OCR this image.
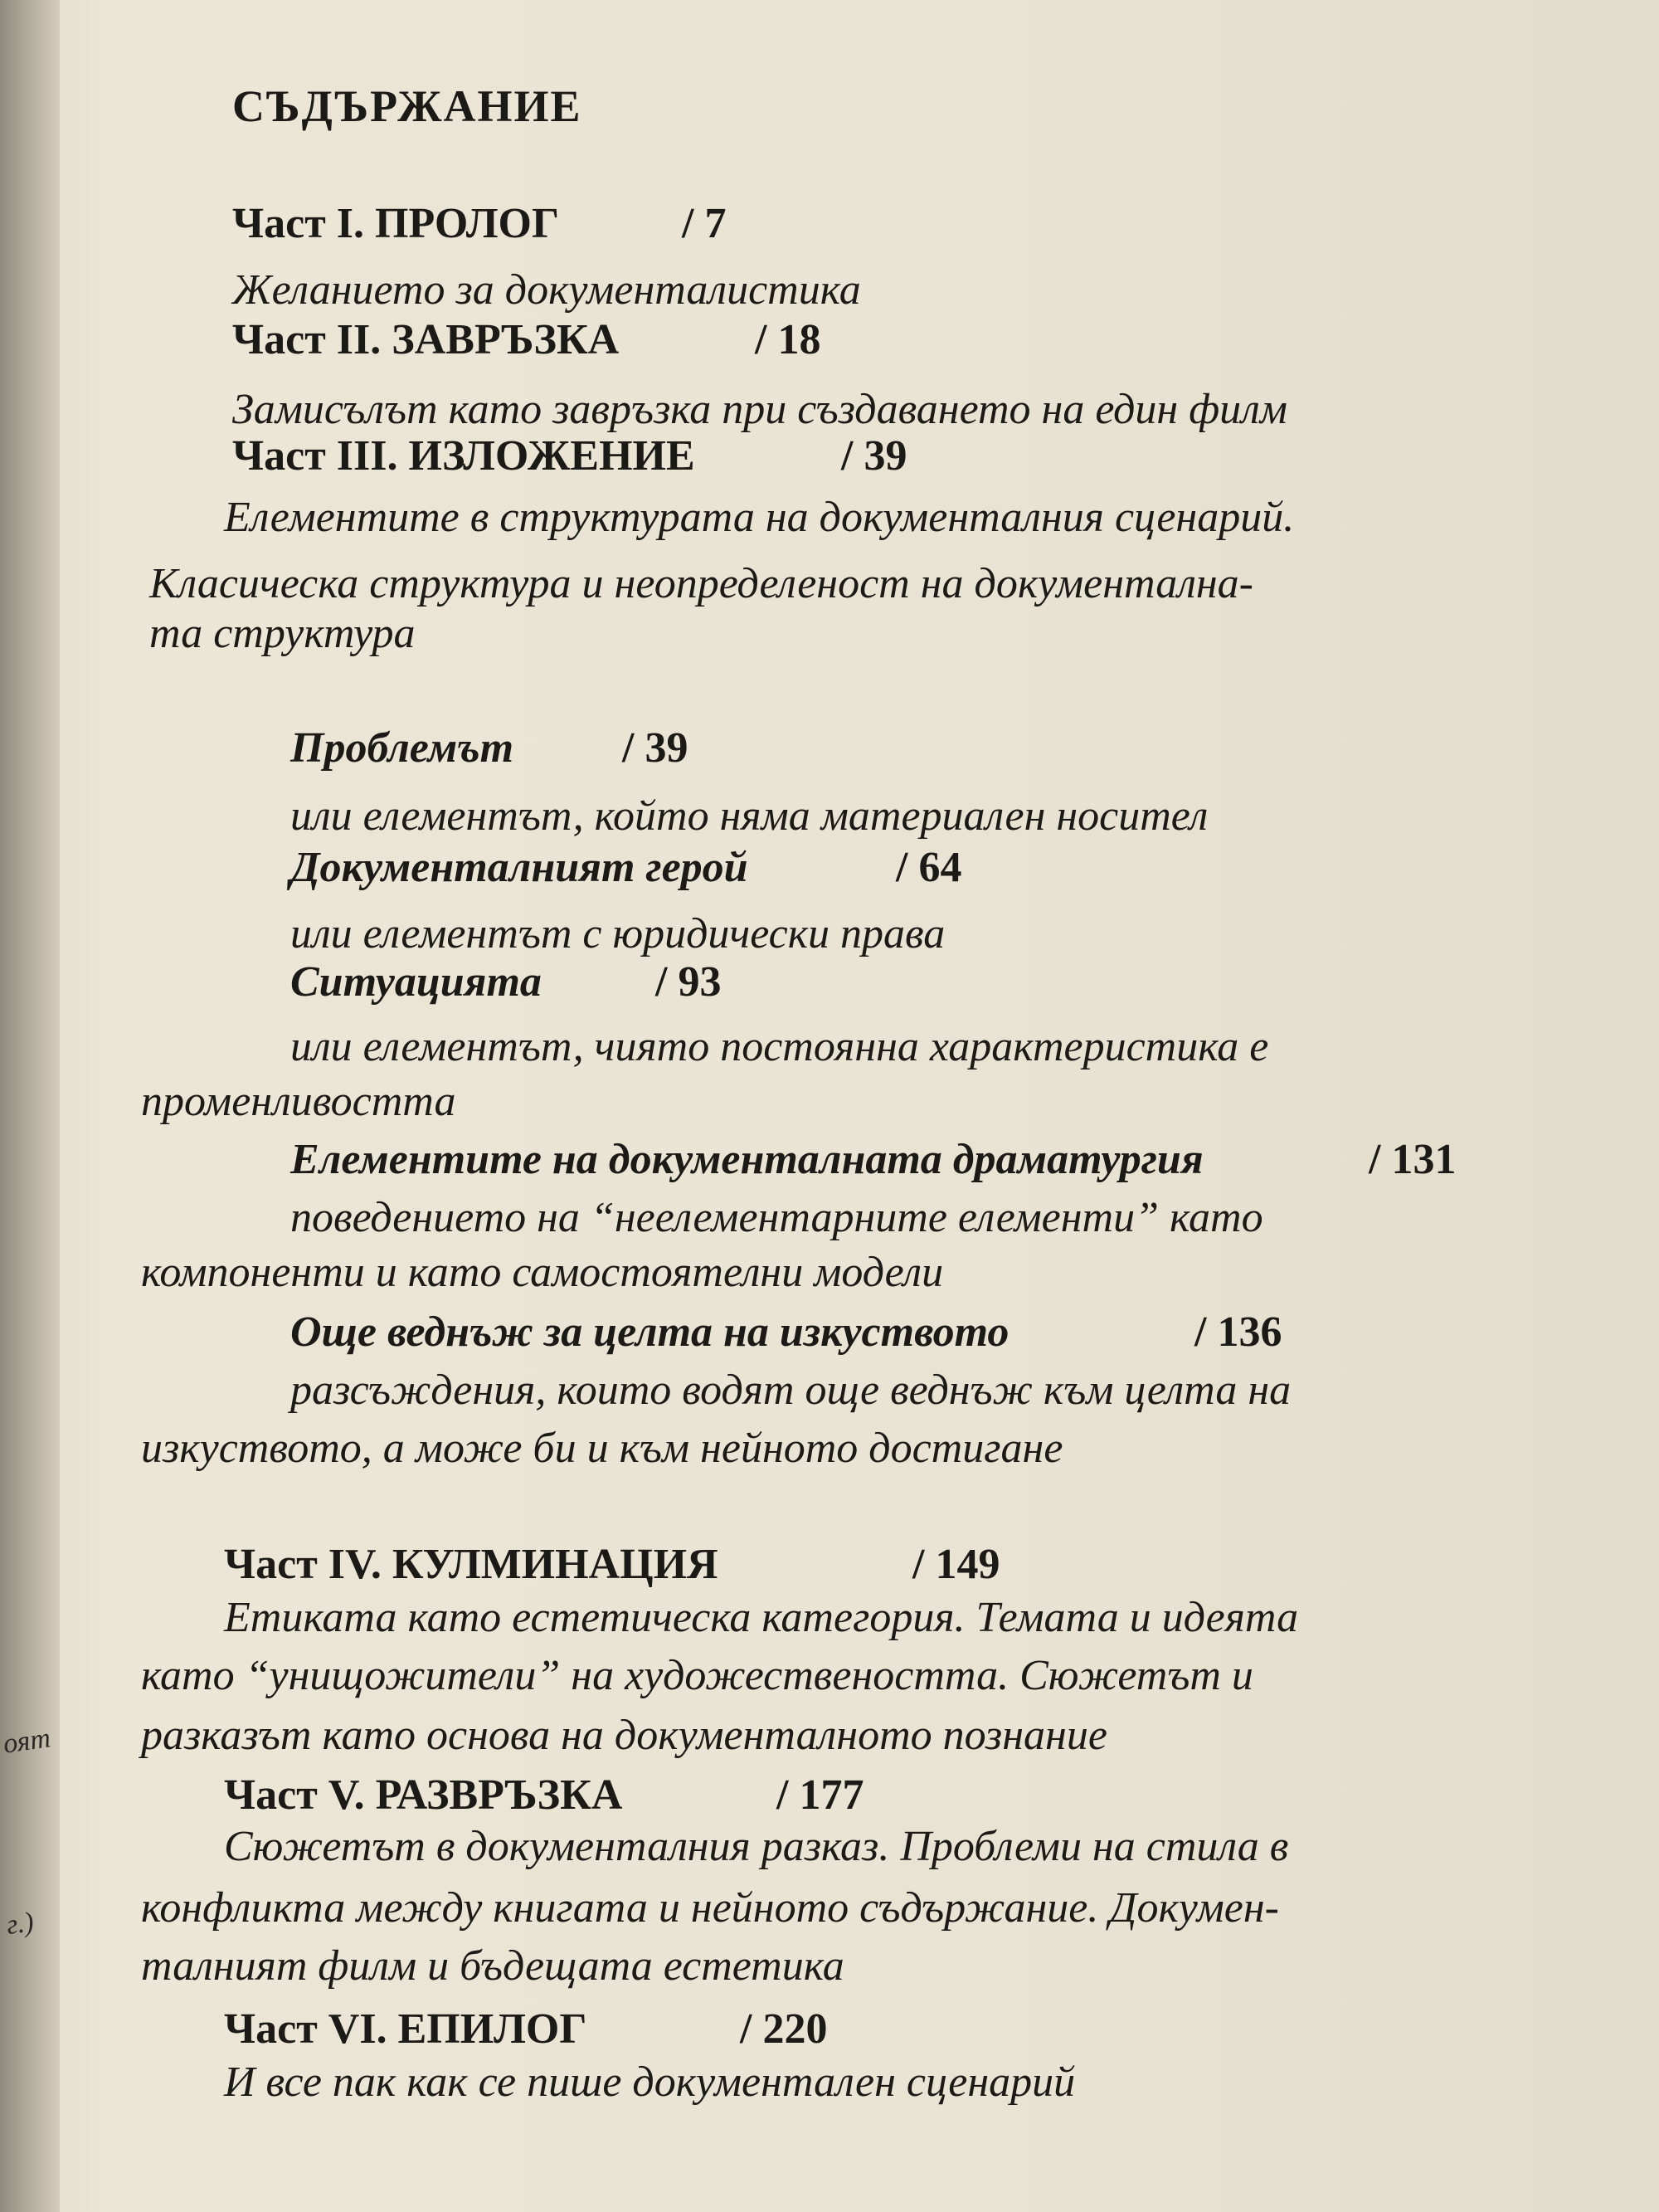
оят
г.)
СЪДЪРЖАНИЕ
Част I. ПРОЛОГ	/ 7
Желанието за документалистика
Част II. ЗАВРЪЗКА	/ 18
Замисълът като завръзка при създаването на един филм
Част III. ИЗЛОЖЕНИЕ	/ 39
Елементите в структурата на документалния сценарий.
Класическа структура и неопределеност на документална-
та структура
Проблемът	/ 39
или елементът, който няма материален носител
Документалният герой	/ 64
или елементът с юридически права
Ситуацията	/ 93
или елементът, чиято постоянна характеристика е
променливостта
Елементите на документалната драматургия	/ 131
поведението на “неелементарните елементи” като
компоненти и като самостоятелни модели
Още веднъж за целта на изкуството	/ 136
разсъждения, които водят още веднъж към целта на
изкуството, а може би и към нейното достигане
Част IV. КУЛМИНАЦИЯ	/ 149
Етиката като естетическа категория. Темата и идеята
като “унищожители” на художествеността. Сюжетът и
разказът като основа на документалното познание
Част V. РАЗВРЪЗКА	/ 177
Сюжетът в документалния разказ. Проблеми на стила в
конфликта между книгата и нейното съдържание. Докумен-
талният филм и бъдещата естетика
Част VI. ЕПИЛОГ	/ 220
И все пак как се пише документален сценарий
